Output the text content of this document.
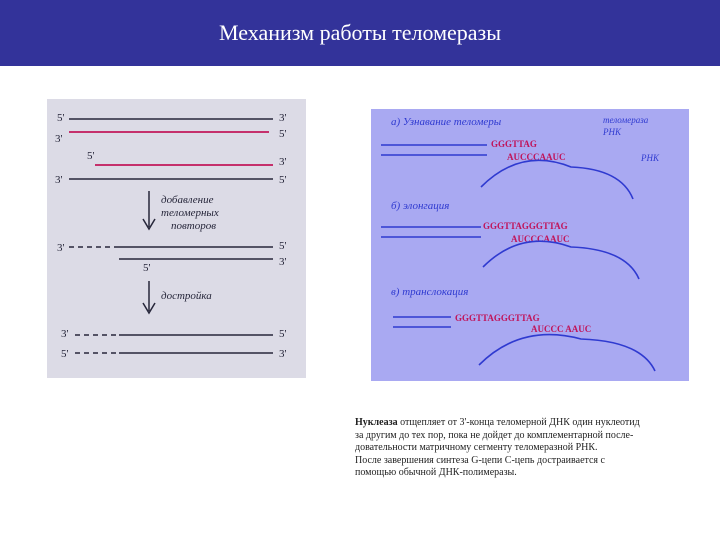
Механизм работы теломеразы
5'	3'
3'	5'
5'	3'
3'	5'
добавление
теломерных
повторов
3'	5'
3'
5'
достройка
3'	5'
5'	3'
а) Узнавание теломеры	теломераза
РНК
GGGTTAG
AUCCCAAUC	РНК
б) элонгация
GGGTTAGGGTTAG
AUCCCAAUC
в) транслокация
GGGTTAGGGTTAG
AUCCC AAUC

Нуклеаза отщепляет от 3'-конца теломерной ДНК один нуклеотид

за другим до тех пор, пока не дойдет до комплементарной после-

довательности матричному сегменту теломеразной РНК.

После завершения синтеза G-цепи С-цепь достраивается с

помощью обычной ДНК-полимеразы.
